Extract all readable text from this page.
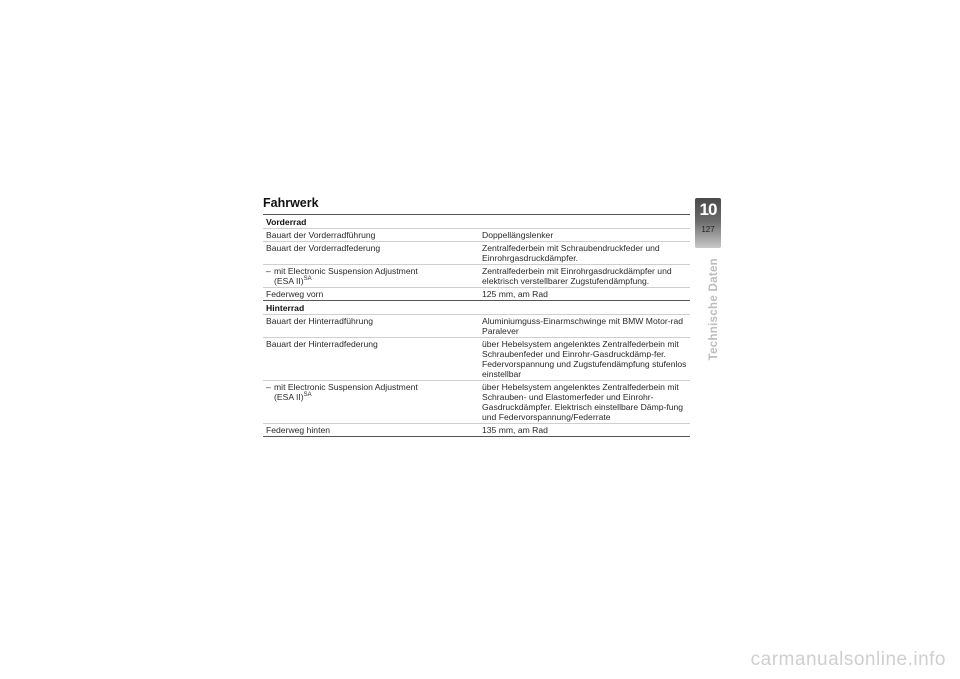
Fahrwerk
Vorderrad	
Bauart der Vorderradführung	Doppellängslenker
Bauart der Vorderradfederung	Zentralfederbein mit Schraubendruckfeder und Einrohrgasdruckdämpfer.
– mit Electronic Suspension Adjustment
(ESA II)$^{SA}$	Zentralfederbein mit Einrohrgasdruckdämpfer und elektrisch verstellbarer Zugstufendämpfung.
Federweg vorn	125 mm, am Rad
Hinterrad	
Bauart der Hinterradführung	Aluminiumguss-Einarmschwinge mit BMW Motor-rad Paralever
Bauart der Hinterradfederung	über Hebelsystem angelenktes Zentralfederbein mit Schraubenfeder und Einrohr-Gasdruckdämp-fer. Federvorspannung und Zugstufendämpfung stufenlos einstellbar
– mit Electronic Suspension Adjustment
(ESA II)$^{SA}$	über Hebelsystem angelenktes Zentralfederbein mit Schrauben- und Elastomerfeder und Einrohr-Gasdruckdämpfer. Elektrisch einstellbare Dämp-fung und Federvorspannung/Federrate
Federweg hinten	135 mm, am Rad
10
127
Technische Daten
carmanualsonline.info
